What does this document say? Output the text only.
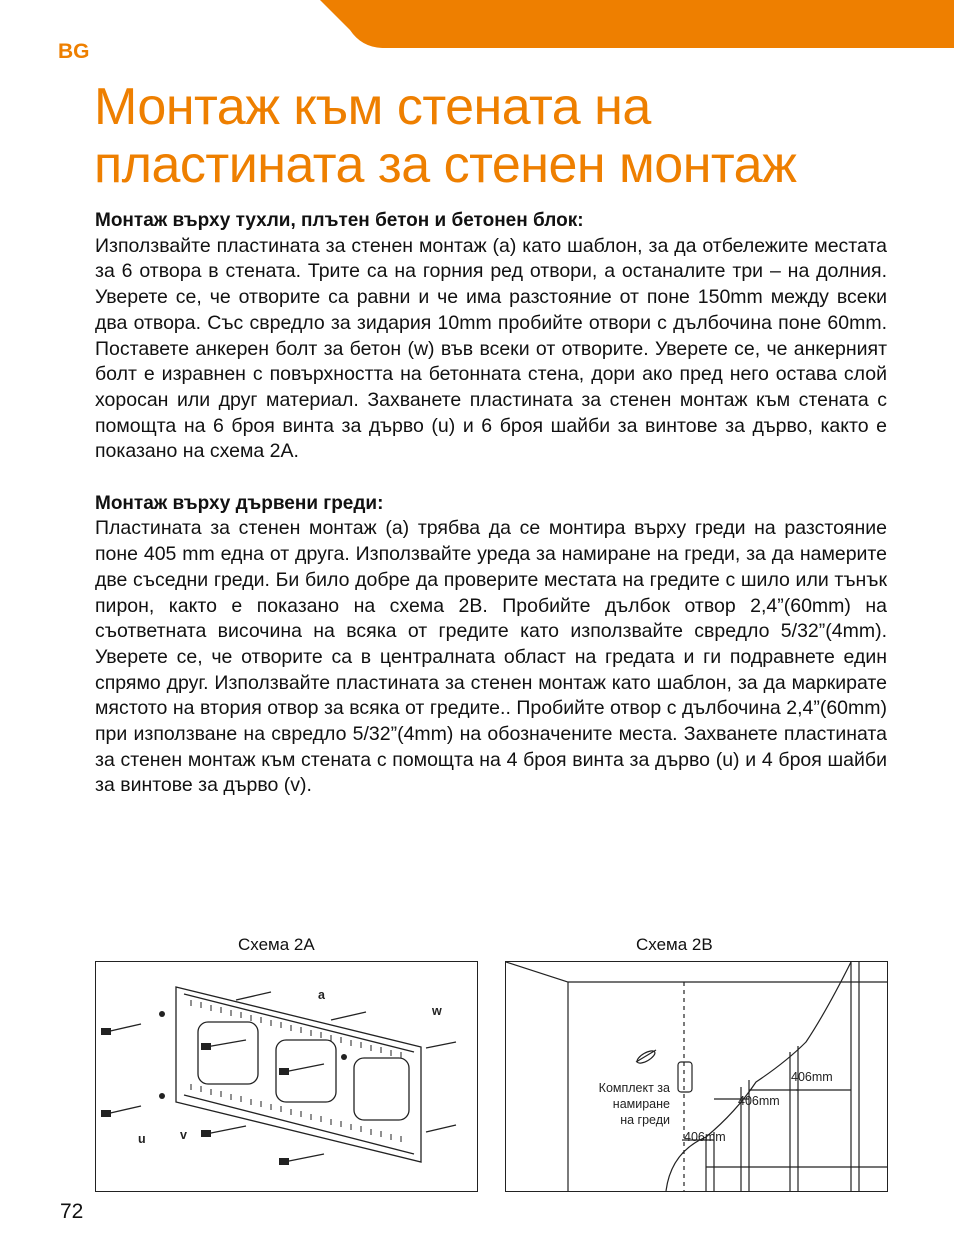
BG
Монтаж към стената на
пластината за стенен монтаж
Монтаж върху тухли, плътен бетон и бетонен блок:

Използвайте пластината за стенен монтаж (a) като шаблон, за да отбележите местата за 6 отвора в стената. Трите са на горния ред отвори, а останалите три – на долния. Уверете се, че отворите са равни и че има разстояние от поне 150mm между всеки два отвора. Със свредло за зидария 10mm пробийте отвори с дълбочина поне 60mm. Поставете анкерен болт за бетон (w) във всеки от отворите. Уверете се, че анкерният болт е изравнен с повърхността на бетонната стена, дори ако пред него остава слой хоросан или друг материал. Захванете пластината за стенен монтаж към стената с помощта на 6 броя винта за дърво (u) и 6 броя шайби за винтове за дърво, както е показано на схема 2A.

Монтаж върху дървени греди:

Пластината за стенен монтаж (a) трябва да се монтира върху греди на разстояние поне 405 mm една от друга. Използвайте уреда за намиране на греди, за да намерите две съседни греди. Би било добре да проверите местата на гредите с шило или тънък пирон, както е показано на схема 2B. Пробийте дълбок отвор 2,4”(60mm) на съответната височина на всяка от гредите като използвайте свредло 5/32”(4mm). Уверете се, че отворите са в централната област на гредата и ги подравнете един спрямо друг. Използвайте пластината за стенен монтаж като шаблон, за да маркирате мястото на втория отвор за всяка от гредите.. Пробийте отвор с дълбочина 2,4”(60mm) при използване на свредло 5/32”(4mm) на обозначените места. Захванете пластината за стенен монтаж към стената с помощта на 4 броя винта за дърво (u) и 4 броя шайби за винтове за дърво (v).

Схема 2A	Схема 2B
a
w
u	v
Комплект за
намиране
на греди
406mm
406mm
406mm
72
